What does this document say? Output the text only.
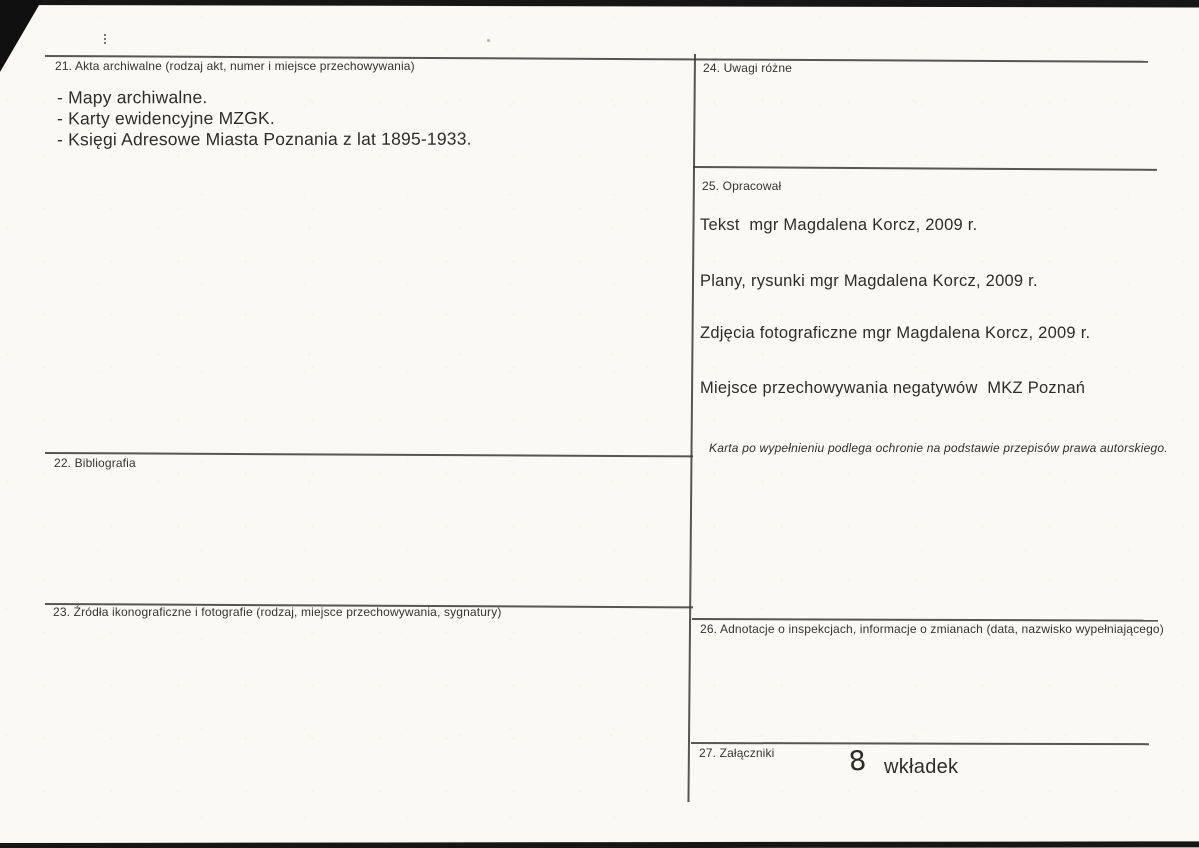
21. Akta archiwalne (rodzaj akt, numer i miejsce przechowywania)
- Mapy archiwalne.
- Karty ewidencyjne MZGK.
- Księgi Adresowe Miasta Poznania z lat 1895-1933.
22. Bibliografia
23. Źródła ikonograficzne i fotografie (rodzaj, miejsce przechowywania, sygnatury)
24. Uwagi różne
25. Opracował
Tekst  mgr Magdalena Korcz, 2009 r.
Plany, rysunki mgr Magdalena Korcz, 2009 r.
Zdjęcia fotograficzne mgr Magdalena Korcz, 2009 r.
Miejsce przechowywania negatywów  MKZ Poznań
Karta po wypełnieniu podlega ochronie na podstawie przepisów prawa autorskiego.
26. Adnotacje o inspekcjach, informacje o zmianach (data, nazwisko wypełniającego)
27. Załączniki	8 wkładek
